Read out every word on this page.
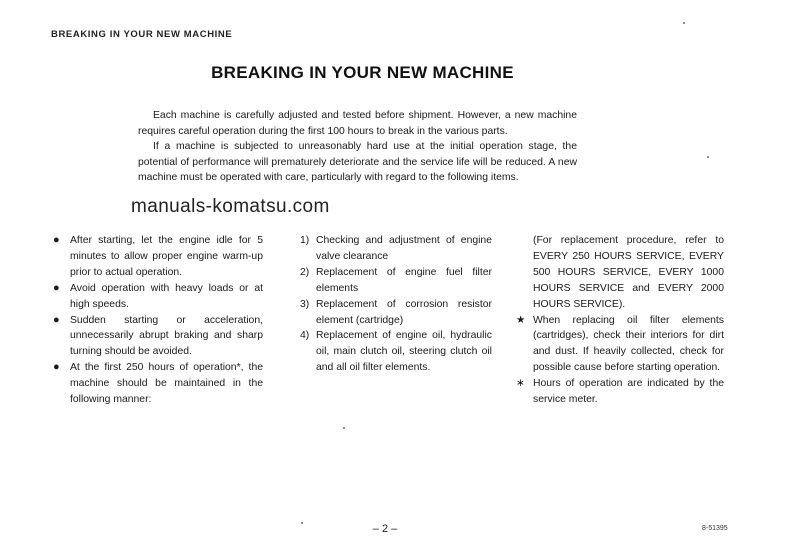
BREAKING IN YOUR NEW MACHINE
BREAKING IN YOUR NEW MACHINE

Each machine is carefully adjusted and tested before shipment. However, a new machine requires careful operation during the first 100 hours to break in the various parts.

If a machine is subjected to unreasonably hard use at the initial operation stage, the potential of performance will prematurely deteriorate and the service life will be reduced. A new machine must be operated with care, particularly with regard to the following items.

manuals-komatsu.com
● After starting, let the engine idle for 5 minutes to allow proper engine warm-up prior to actual operation.
● Avoid operation with heavy loads or at high speeds.
● Sudden starting or acceleration, unnecessarily abrupt braking and sharp turning should be avoided.
● At the first 250 hours of operation*, the machine should be maintained in the following manner:
1) Checking and adjustment of engine valve clearance
2) Replacement of engine fuel filter elements
3) Replacement of corrosion resistor element (cartridge)
4) Replacement of engine oil, hydraulic oil, main clutch oil, steering clutch oil and all oil filter elements.
(For replacement procedure, refer to EVERY 250 HOURS SERVICE, EVERY 500 HOURS SERVICE, EVERY 1000 HOURS SERVICE and EVERY 2000 HOURS SERVICE).
★ When replacing oil filter elements (cartridges), check their interiors for dirt and dust. If heavily collected, check for possible cause before starting operation.
∗ Hours of operation are indicated by the service meter.
– 2 –	8-51395
